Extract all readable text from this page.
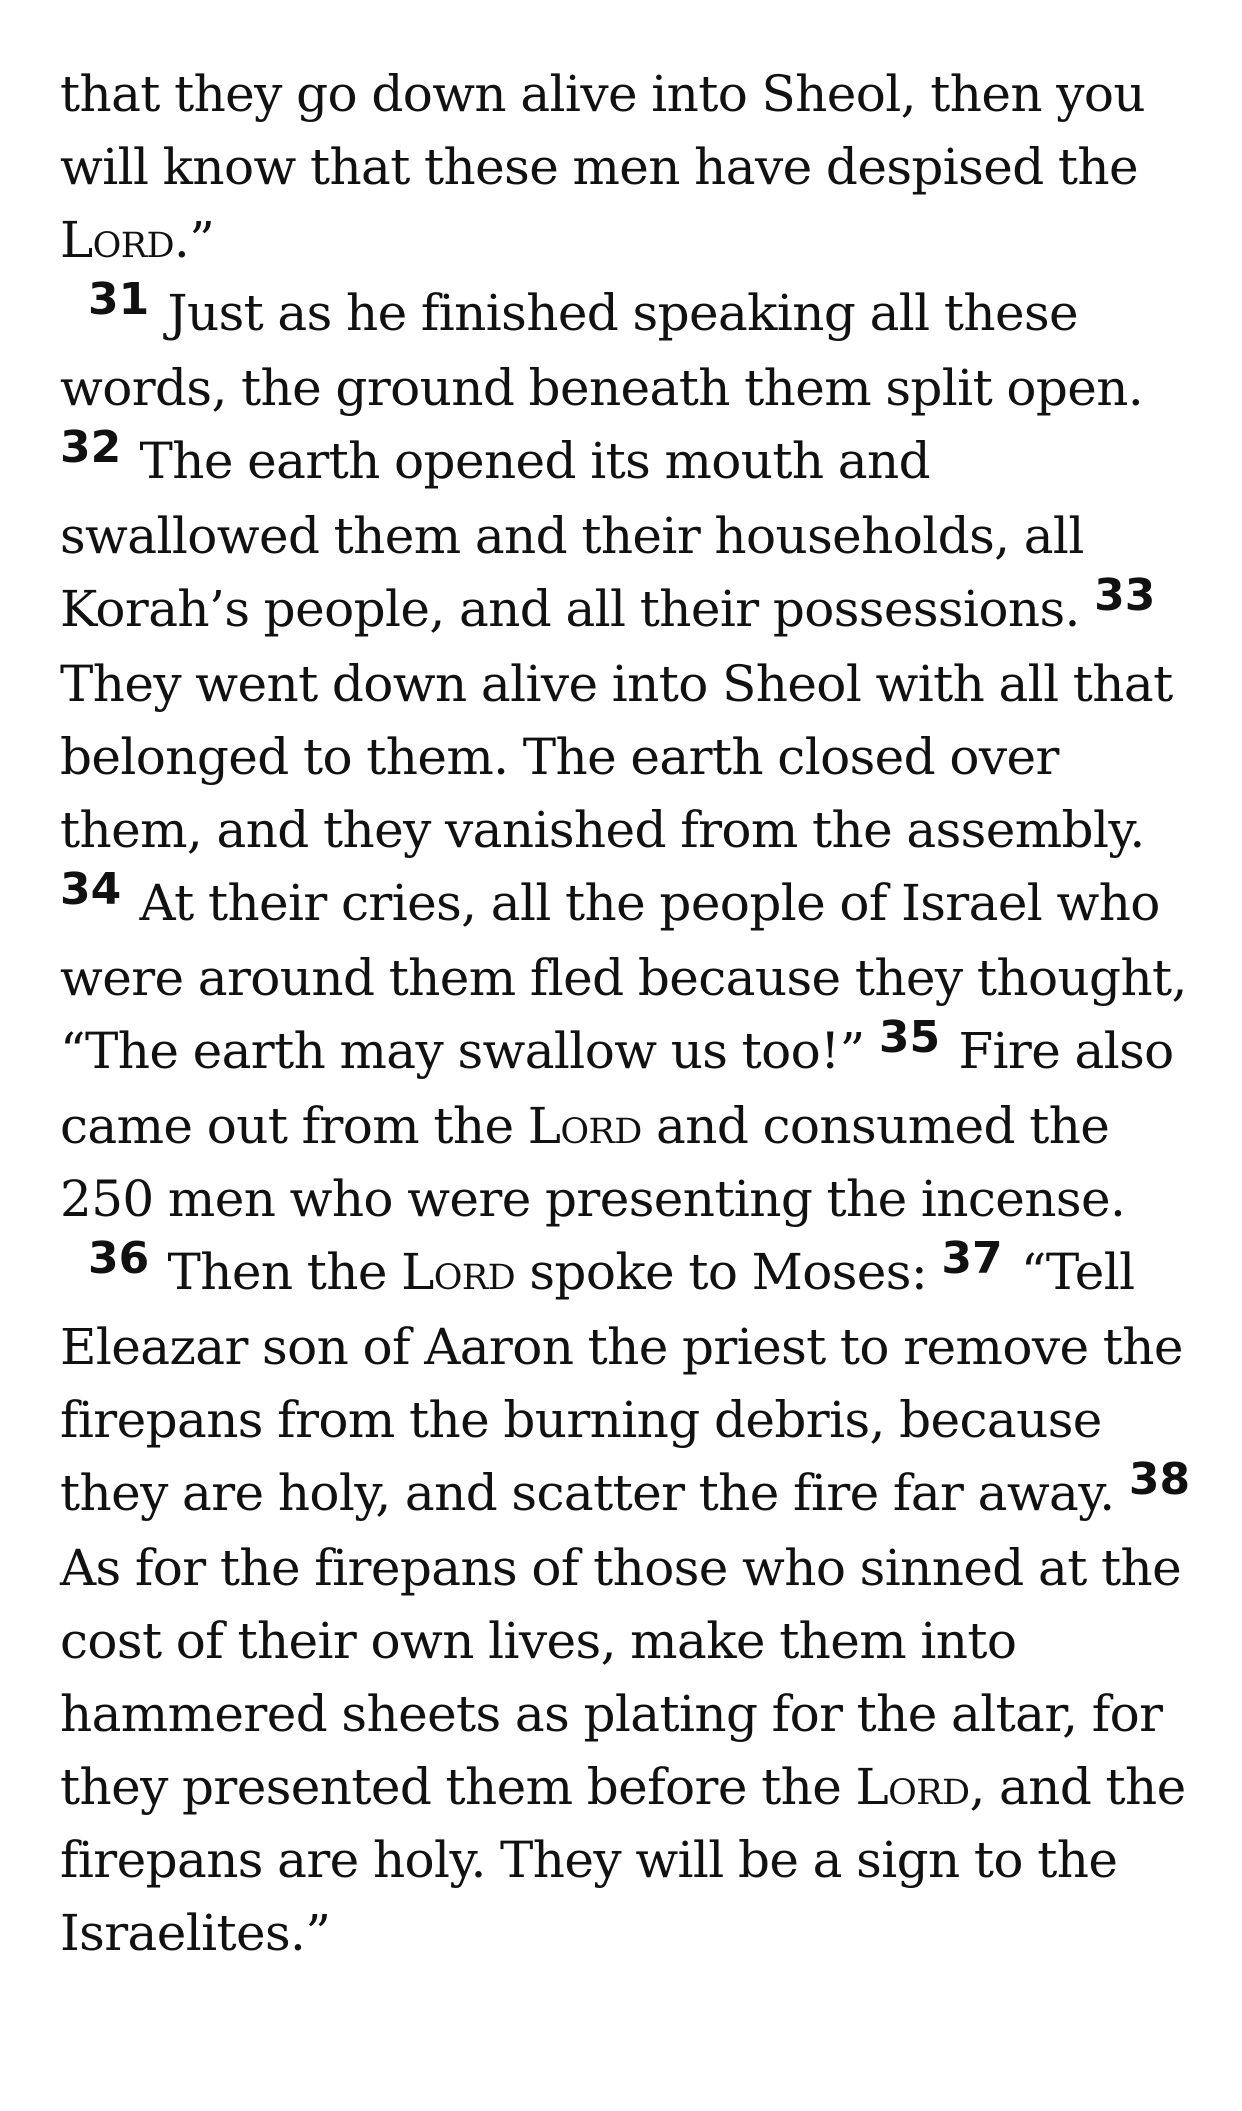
that they go down alive into Sheol, then you will know that these men have despised the Lord.”

31 Just as he finished speaking all these words, the ground beneath them split open. 32 The earth opened its mouth and swallowed them and their households, all Korah’s people, and all their possessions. 33 They went down alive into Sheol with all that belonged to them. The earth closed over them, and they vanished from the assembly. 34 At their cries, all the people of Israel who were around them fled because they thought, “The earth may swallow us too!” 35 Fire also came out from the Lord and consumed the 250 men who were presenting the incense.

36 Then the Lord spoke to Moses: 37 “Tell Eleazar son of Aaron the priest to remove the firepans from the burning debris, because they are holy, and scatter the fire far away. 38 As for the firepans of those who sinned at the cost of their own lives, make them into hammered sheets as plating for the altar, for they presented them before the Lord, and the firepans are holy. They will be a sign to the Israelites.”
